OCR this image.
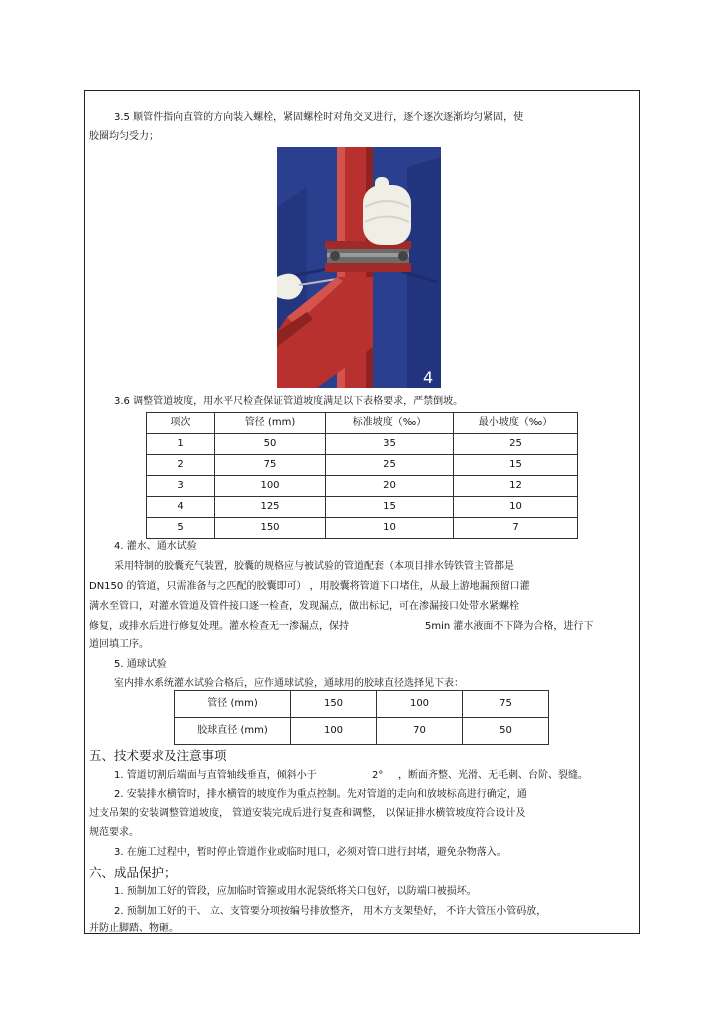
3.5 顺管件指向直管的方向装入螺栓，紧固螺栓时对角交叉进行，逐个逐次逐渐均匀紧固，使
胶圈均匀受力；
4
3.6 调整管道坡度，用水平尺检查保证管道坡度满足以下表格要求，严禁倒坡。
项次	管径 (mm)	标准坡度（‰）	最小坡度（‰）
1	50	35	25
2	75	25	15
3	100	20	12
4	125	15	10
5	150	10	7
4. 灌水、通水试验
采用特制的胶囊充气装置，胶囊的规格应与被试验的管道配套（本项目排水铸铁管主管都是
DN150 的管道，只需准备与之匹配的胶囊即可） ，用胶囊将管道下口堵住，从最上游地漏预留口灌
满水至管口，对灌水管道及管件接口逐一检查，发现漏点，做出标记，可在渗漏接口处带水紧螺栓
修复，或排水后进行修复处理。灌水检查无一渗漏点，保持	5min 灌水液面不下降为合格，进行下
道回填工序。
5. 通球试验
室内排水系统灌水试验合格后，应作通球试验，通球用的胶球直径选择见下表：
管径 (mm)	150	100	75
胶球直径 (mm)	100	70	50
五、技术要求及注意事项
1. 管道切割后端面与直管轴线垂直，倾斜小于	2° ，断面齐整、光滑、无毛刺、台阶、裂缝。
2. 安装排水横管时，排水横管的坡度作为重点控制。先对管道的走向和放坡标高进行确定，通
过支吊架的安装调整管道坡度， 管道安装完成后进行复查和调整， 以保证排水横管坡度符合设计及
规范要求。
3. 在施工过程中，暂时停止管道作业或临时甩口，必须对管口进行封堵，避免杂物落入。
六、成品保护；
1. 预制加工好的管段，应加临时管箍或用水泥袋纸将关口包好，以防端口被损坏。
2. 预制加工好的干、 立、支管要分项按编号排放整齐， 用木方支架垫好， 不许大管压小管码放，
并防止脚踏、物砸。
